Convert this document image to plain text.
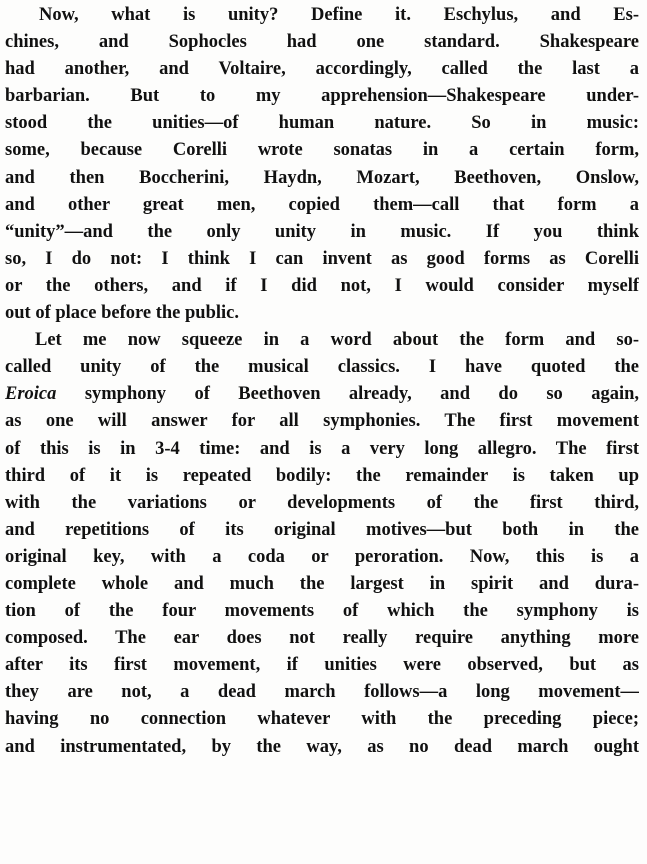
Now, what is unity? Define it. Eschylus, and Es-
chines, and Sophocles had one standard. Shakespeare
had another, and Voltaire, accordingly, called the last a
barbarian. But to my apprehension—Shakespeare under-
stood the unities—of human nature. So in music:
some, because Corelli wrote sonatas in a certain form,
and then Boccherini, Haydn, Mozart, Beethoven, Onslow,
and other great men, copied them—call that form a
“unity”—and the only unity in music. If you think
so, I do not: I think I can invent as good forms as Corelli
or the others, and if I did not, I would consider myself
out of place before the public.
Let me now squeeze in a word about the form and so-
called unity of the musical classics. I have quoted the
Eroica symphony of Beethoven already, and do so again,
as one will answer for all symphonies. The first movement
of this is in 3-4 time: and is a very long allegro. The first
third of it is repeated bodily: the remainder is taken up
with the variations or developments of the first third,
and repetitions of its original motives—but both in the
original key, with a coda or peroration. Now, this is a
complete whole and much the largest in spirit and dura-
tion of the four movements of which the symphony is
composed. The ear does not really require anything more
after its first movement, if unities were observed, but as
they are not, a dead march follows—a long movement—
having no connection whatever with the preceding piece;
and instrumentated, by the way, as no dead march ought
